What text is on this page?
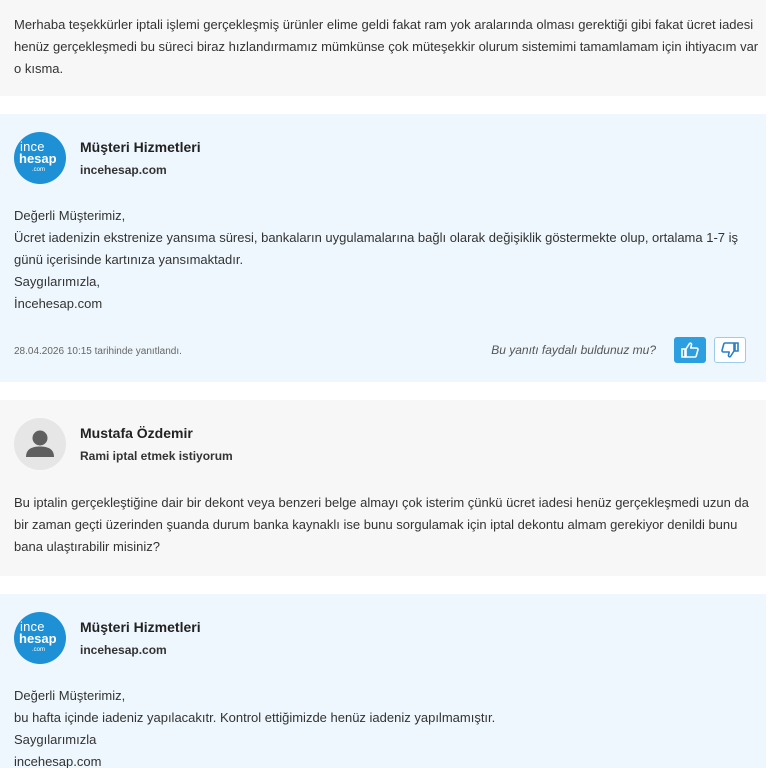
Merhaba teşekkürler iptali işlemi gerçekleşmiş ürünler elime geldi fakat ram yok aralarında olması gerektiği gibi fakat ücret iadesi
henüz gerçekleşmedi bu süreci biraz hızlandırmamız mümkünse çok müteşekkir olurum sistemimi tamamlamam için ihtiyacım var
o kısma.
ince
hesap
.com
Müşteri Hizmetleri
incehesap.com
Değerli Müşterimiz,
Ücret iadenizin ekstrenize yansıma süresi, bankaların uygulamalarına bağlı olarak değişiklik göstermekte olup, ortalama 1-7 iş
günü içerisinde kartınıza yansımaktadır.
Saygılarımızla,
İncehesap.com
28.04.2026 10:15 tarihinde yanıtlandı.	Bu yanıtı faydalı buldunuz mu?
Mustafa Özdemir
Rami iptal etmek istiyorum
Bu iptalin gerçekleştiğine dair bir dekont veya benzeri belge almayı çok isterim çünkü ücret iadesi henüz gerçekleşmedi uzun da
bir zaman geçti üzerinden şuanda durum banka kaynaklı ise bunu sorgulamak için iptal dekontu almam gerekiyor denildi bunu
bana ulaştırabilir misiniz?
ince
hesap
.com
Müşteri Hizmetleri
incehesap.com
Değerli Müşterimiz,
bu hafta içinde iadeniz yapılacakıtr. Kontrol ettiğimizde henüz iadeniz yapılmamıştır.
Saygılarımızla
incehesap.com
